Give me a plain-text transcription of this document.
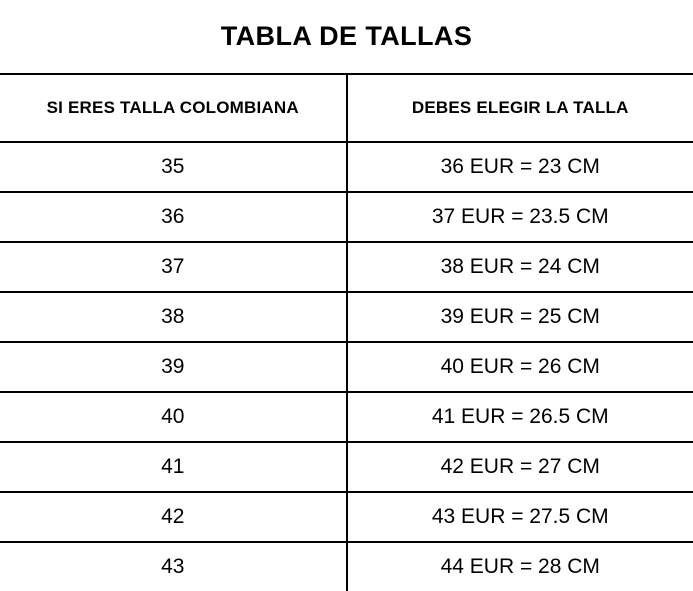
TABLA DE TALLAS	
SI ERES TALLA COLOMBIANA	DEBES ELEGIR LA TALLA
35	36 EUR = 23 CM
36	37 EUR = 23.5 CM
37	38 EUR = 24 CM
38	39 EUR = 25 CM
39	40 EUR = 26 CM
40	41 EUR = 26.5 CM
41	42 EUR = 27 CM
42	43 EUR = 27.5 CM
43	44 EUR = 28 CM
